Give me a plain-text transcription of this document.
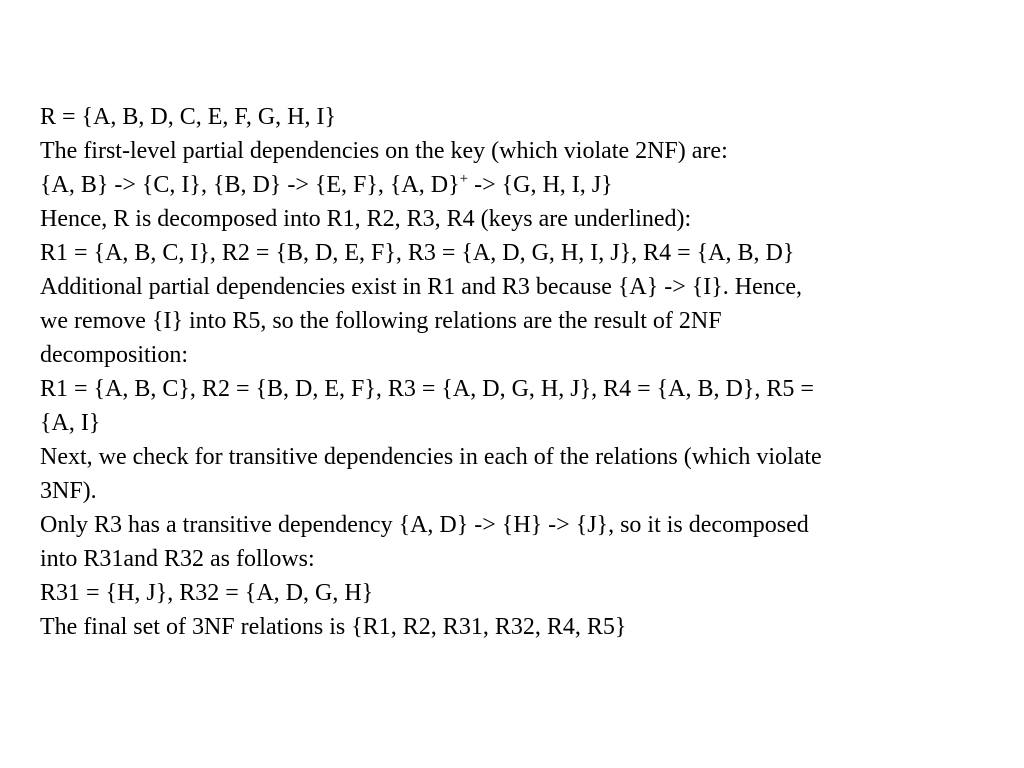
R = {A, B, D, C, E, F, G, H, I}
The first-level partial dependencies on the key (which violate 2NF) are:
{A, B} -> {C, I}, {B, D} -> {E, F}, {A, D}+ -> {G, H, I, J}
Hence, R is decomposed into R1, R2, R3, R4 (keys are underlined):
R1 = {A, B, C, I}, R2 = {B, D, E, F}, R3 = {A, D, G, H, I, J}, R4 = {A, B, D}
Additional partial dependencies exist in R1 and R3 because {A} -> {I}. Hence,
we remove {I} into R5, so the following relations are the result of 2NF
decomposition:
R1 = {A, B, C}, R2 = {B, D, E, F}, R3 = {A, D, G, H, J}, R4 = {A, B, D}, R5 =
{A, I}
Next, we check for transitive dependencies in each of the relations (which violate
3NF).
Only R3 has a transitive dependency {A, D} -> {H} -> {J}, so it is decomposed
into R31and R32 as follows:
R31 = {H, J}, R32 = {A, D, G, H}
The final set of 3NF relations is {R1, R2, R31, R32, R4, R5}
